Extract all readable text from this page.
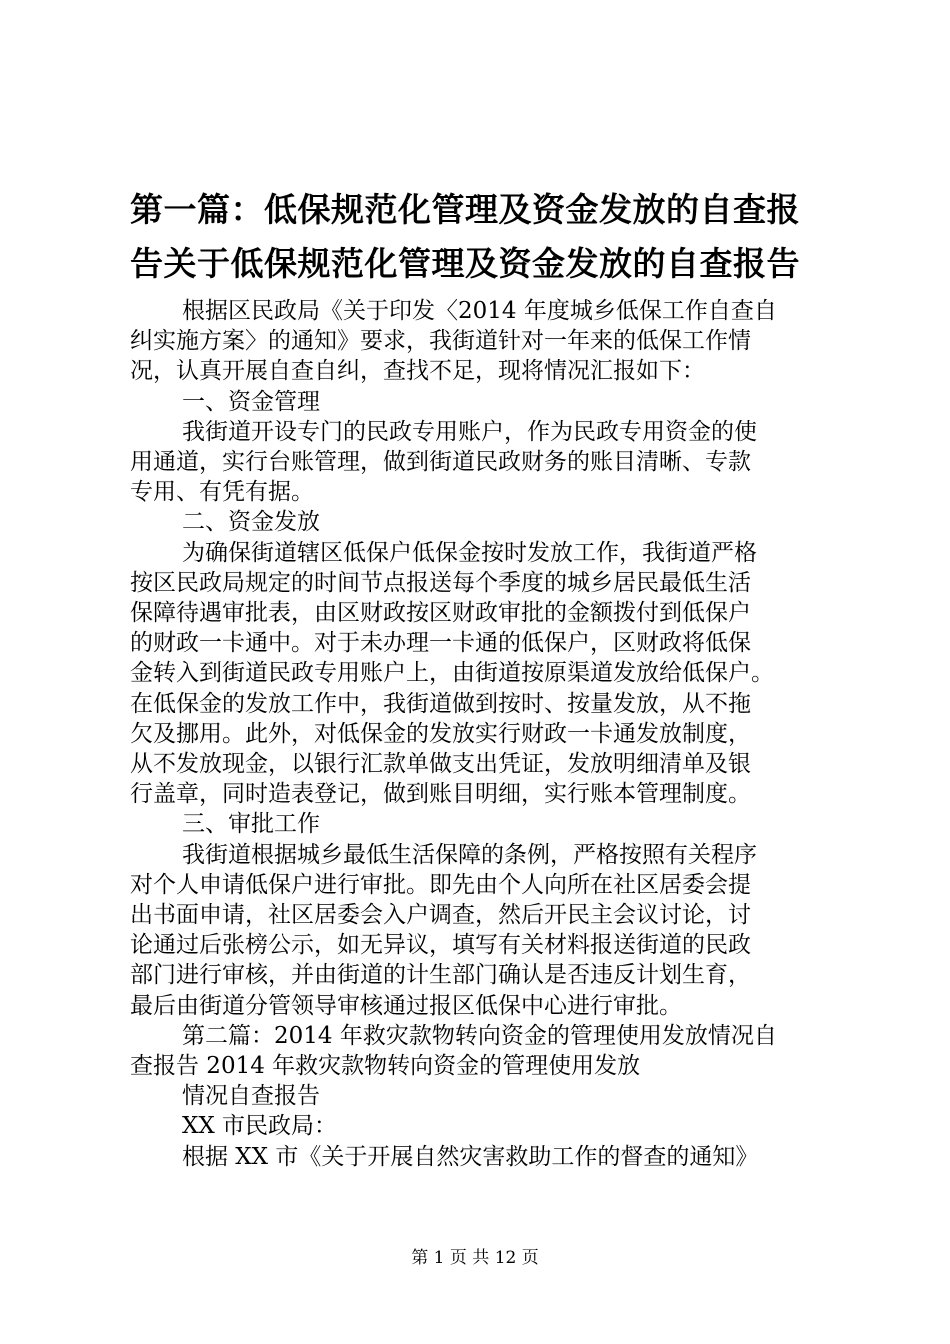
第一篇：低保规范化管理及资金发放的自查报
告关于低保规范化管理及资金发放的自查报告

根据区民政局《关于印发〈2014 年度城乡低保工作自查自

纠实施方案〉的通知》要求，我街道针对一年来的低保工作情

况，认真开展自查自纠，查找不足，现将情况汇报如下：

一、资金管理

我街道开设专门的民政专用账户，作为民政专用资金的使

用通道，实行台账管理，做到街道民政财务的账目清晰、专款

专用、有凭有据。

二、资金发放

为确保街道辖区低保户低保金按时发放工作，我街道严格

按区民政局规定的时间节点报送每个季度的城乡居民最低生活

保障待遇审批表，由区财政按区财政审批的金额拨付到低保户

的财政一卡通中。对于未办理一卡通的低保户，区财政将低保

金转入到街道民政专用账户上，由街道按原渠道发放给低保户。

在低保金的发放工作中，我街道做到按时、按量发放，从不拖

欠及挪用。此外，对低保金的发放实行财政一卡通发放制度，

从不发放现金，以银行汇款单做支出凭证，发放明细清单及银

行盖章，同时造表登记，做到账目明细，实行账本管理制度。

三、审批工作

我街道根据城乡最低生活保障的条例，严格按照有关程序

对个人申请低保户进行审批。即先由个人向所在社区居委会提

出书面申请，社区居委会入户调查，然后开民主会议讨论，讨

论通过后张榜公示，如无异议，填写有关材料报送街道的民政

部门进行审核，并由街道的计生部门确认是否违反计划生育，

最后由街道分管领导审核通过报区低保中心进行审批。

第二篇：2014 年救灾款物转向资金的管理使用发放情况自

查报告 2014 年救灾款物转向资金的管理使用发放

情况自查报告

XX 市民政局：

根据 XX 市《关于开展自然灾害救助工作的督查的通知》

第 1 页 共 12 页
